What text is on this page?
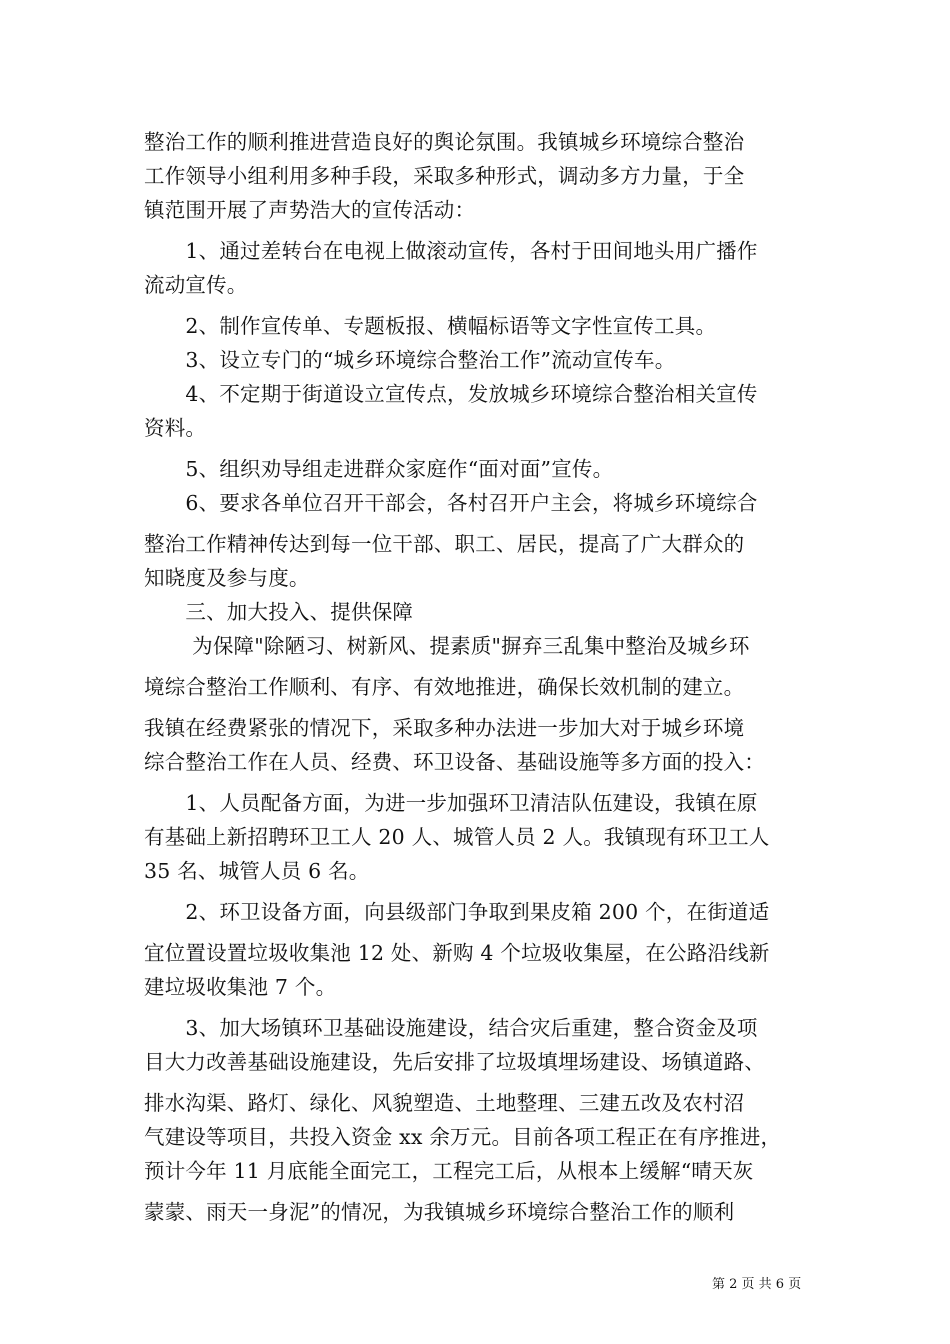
整治工作的顺利推进营造良好的舆论氛围。我镇城乡环境综合整治
工作领导小组利用多种手段，采取多种形式，调动多方力量，于全
镇范围开展了声势浩大的宣传活动：
　　1、通过差转台在电视上做滚动宣传，各村于田间地头用广播作
流动宣传。
　　2、制作宣传单、专题板报、横幅标语等文字性宣传工具。
　　3、设立专门的“城乡环境综合整治工作”流动宣传车。
　　4、不定期于街道设立宣传点，发放城乡环境综合整治相关宣传
资料。
　　5、组织劝导组走进群众家庭作“面对面”宣传。
　　6、要求各单位召开干部会，各村召开户主会，将城乡环境综合
整治工作精神传达到每一位干部、职工、居民，提高了广大群众的
知晓度及参与度。
　　三、加大投入、提供保障
　　 为保障"除陋习、树新风、提素质"摒弃三乱集中整治及城乡环
境综合整治工作顺利、有序、有效地推进，确保长效机制的建立。
我镇在经费紧张的情况下，采取多种办法进一步加大对于城乡环境
综合整治工作在人员、经费、环卫设备、基础设施等多方面的投入：
　　1、人员配备方面，为进一步加强环卫清洁队伍建设，我镇在原
有基础上新招聘环卫工人 20 人、城管人员 2 人。我镇现有环卫工人
35 名、城管人员 6 名。
　　2、环卫设备方面，向县级部门争取到果皮箱 200 个，在街道适
宜位置设置垃圾收集池 12 处、新购 4 个垃圾收集屋，在公路沿线新
建垃圾收集池 7 个。
　　3、加大场镇环卫基础设施建设，结合灾后重建，整合资金及项
目大力改善基础设施建设，先后安排了垃圾填埋场建设、场镇道路、
排水沟渠、路灯、绿化、风貌塑造、土地整理、三建五改及农村沼
气建设等项目，共投入资金 xx 余万元。目前各项工程正在有序推进，
预计今年 11 月底能全面完工，工程完工后，从根本上缓解“晴天灰
蒙蒙、雨天一身泥”的情况，为我镇城乡环境综合整治工作的顺利
第 2 页 共 6 页
